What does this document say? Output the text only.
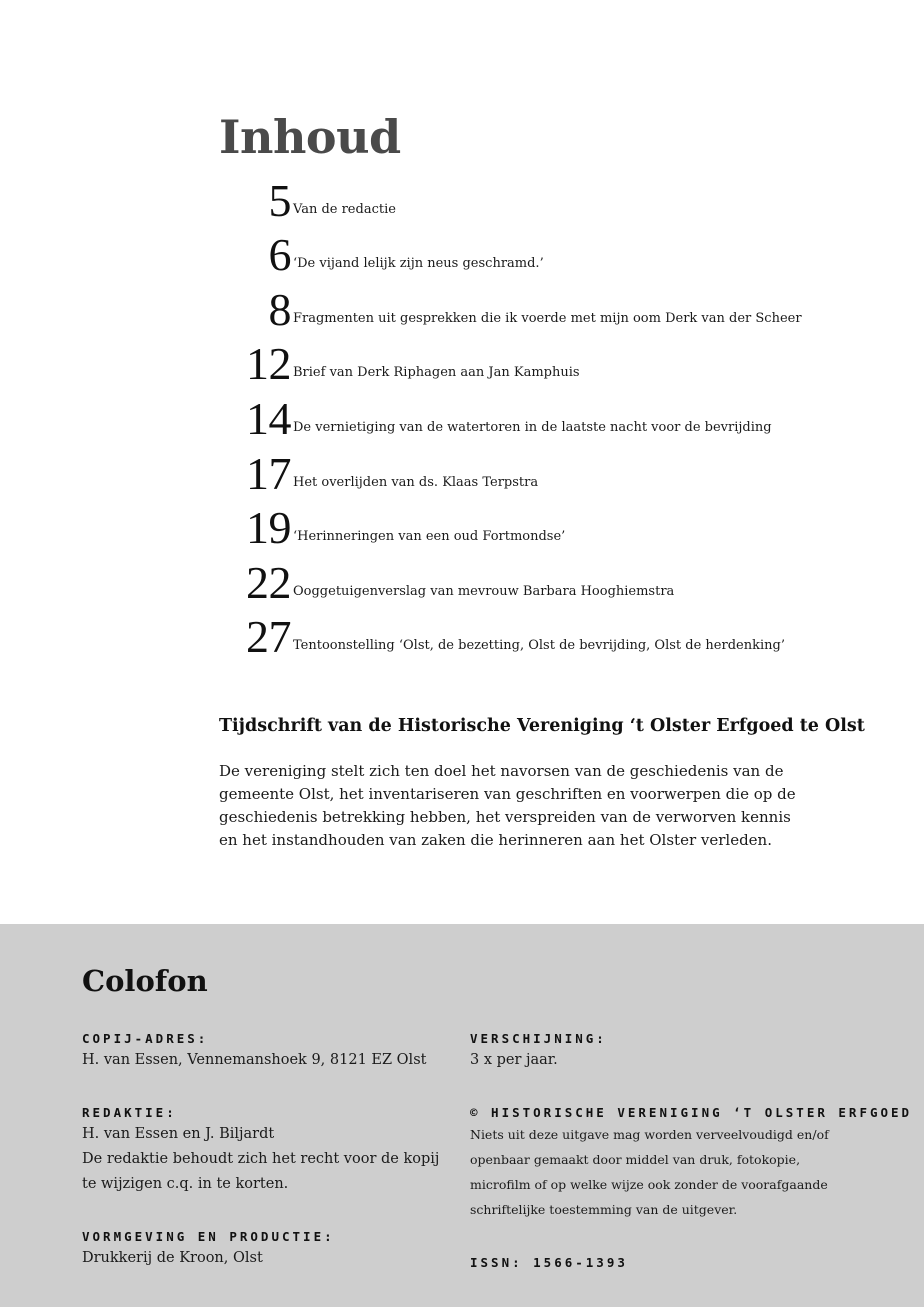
Inhoud
5 Van de redactie
6 ‘De vijand lelijk zijn neus geschramd.’
8 Fragmenten uit gesprekken die ik voerde met mijn oom Derk van der Scheer
12 Brief van Derk Riphagen aan Jan Kamphuis
14 De vernietiging van de watertoren in de laatste nacht voor de bevrijding
17 Het overlijden van ds. Klaas Terpstra
19 ‘Herinneringen van een oud Fortmondse’
22 Ooggetuigenverslag van mevrouw Barbara Hooghiemstra
27 Tentoonstelling ‘Olst, de bezetting, Olst de bevrijding, Olst de herdenking’
Tijdschrift van de Historische Vereniging ‘t Olster Erfgoed te Olst

De vereniging stelt zich ten doel het navorsen van de geschiedenis van de gemeente Olst, het inventariseren van geschriften en voorwerpen die op de geschiedenis betrekking hebben, het verspreiden van de verworven kennis en het instandhouden van zaken die herinneren aan het Olster verleden.

Colofon
COPIJ-ADRES:
H. van Essen, Vennemanshoek 9, 8121 EZ Olst
REDAKTIE:
H. van Essen en J. Biljardt
De redaktie behoudt zich het recht voor de kopij
te wijzigen c.q. in te korten.
VORMGEVING EN PRODUCTIE:
Drukkerij de Kroon, Olst
VERSCHIJNING:
3 x per jaar.
© HISTORISCHE VERENIGING ‘T OLSTER ERFGOED
Niets uit deze uitgave mag worden verveelvoudigd en/of
openbaar gemaakt door middel van druk, fotokopie,
microfilm of op welke wijze ook zonder de voorafgaande
schriftelijke toestemming van de uitgever.
ISSN: 1566-1393
